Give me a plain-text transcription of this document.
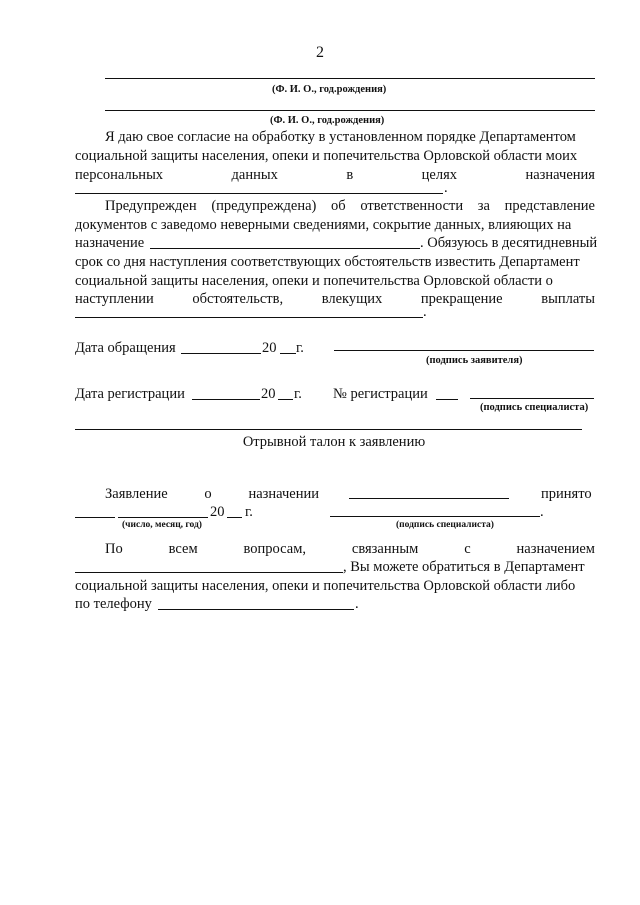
2
(Ф. И. О., год.рождения)
(Ф. И. О., год.рождения)
Я даю свое согласие на обработку в установленном порядке Департаментом
социальной защиты населения, опеки и попечительства Орловской области моих
персональных	данных	в	целях	назначения
.
Предупрежден (предупреждена) об ответственности за представление
документов с заведомо неверными сведениями, сокрытие данных, влияющих на
назначение	. Обязуюсь в десятидневный
срок со дня наступления соответствующих обстоятельств известить Департамент
социальной защиты населения, опеки и попечительства Орловской области о
наступлении	обстоятельств,	влекущих	прекращение	выплаты
.
Дата обращения	20 г.
(подпись заявителя)
Дата регистрации	20 г. № регистрации
(подпись специалиста)
Отрывной талон к заявлению
Заявление	о	назначении	принято
20 г.	.
(число, месяц, год)	(подпись специалиста)
По	всем	вопросам,	связанным	с	назначением
, Вы можете обратиться в Департамент
социальной защиты населения, опеки и попечительства Орловской области либо
по телефону	.
